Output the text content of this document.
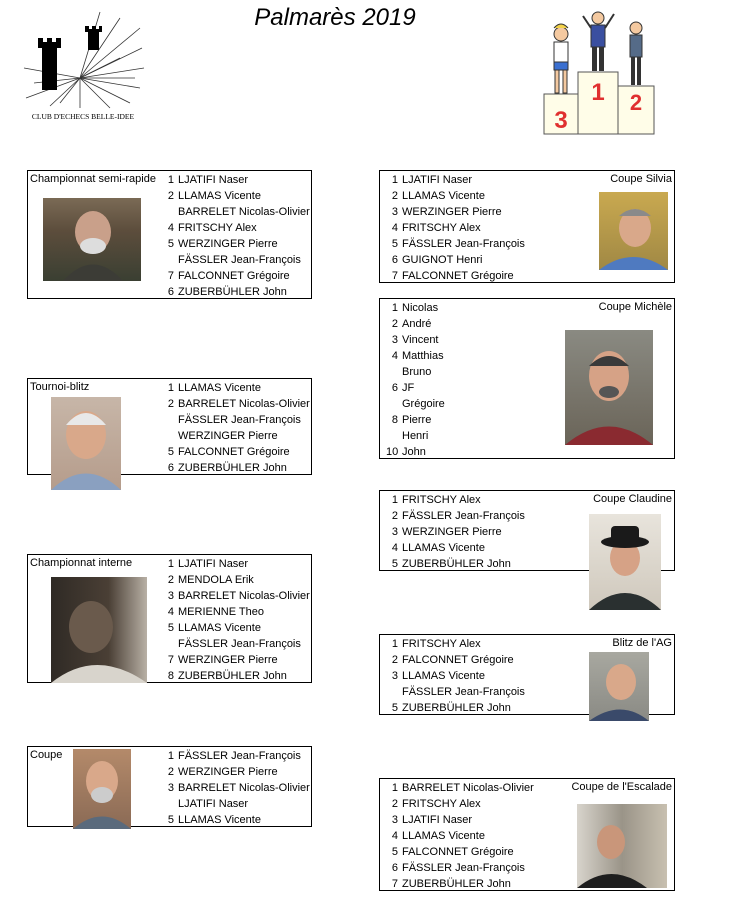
Palmarès 2019
CLUB D'ECHECS BELLE-IDEE
1 2
3
Championnat semi-rapide	1 LJATIFI Naser
2 LLAMAS Vicente
BARRELET Nicolas-Olivier
4 FRITSCHY Alex
5 WERZINGER Pierre
FÄSSLER Jean-François
7 FALCONNET Grégoire
6 ZUBERBÜHLER John
Tournoi-blitz	1 LLAMAS Vicente
2 BARRELET Nicolas-Olivier
FÄSSLER Jean-François
WERZINGER Pierre
5 FALCONNET Grégoire
6 ZUBERBÜHLER John
Championnat interne	1 LJATIFI Naser
2 MENDOLA Erik
3 BARRELET Nicolas-Olivier
4 MERIENNE Theo
5 LLAMAS Vicente
FÄSSLER Jean-François
7 WERZINGER Pierre
8 ZUBERBÜHLER John
Coupe	1 FÄSSLER Jean-François
2 WERZINGER Pierre
3 BARRELET Nicolas-Olivier
LJATIFI Naser
5 LLAMAS Vicente
Coupe Silvia
1 LJATIFI Naser
2 LLAMAS Vicente
3 WERZINGER Pierre
4 FRITSCHY Alex
5 FÄSSLER Jean-François
6 GUIGNOT Henri
7 FALCONNET Grégoire
Coupe Michèle
1 Nicolas
2 André
3 Vincent
4 Matthias
Bruno
6 JF
Grégoire
8 Pierre
Henri
10 John
Coupe Claudine
1 FRITSCHY Alex
2 FÄSSLER Jean-François
3 WERZINGER Pierre
4 LLAMAS Vicente
5 ZUBERBÜHLER John
Blitz de l'AG
1 FRITSCHY Alex
2 FALCONNET Grégoire
3 LLAMAS Vicente
FÄSSLER Jean-François
5 ZUBERBÜHLER John
Coupe de l'Escalade
1 BARRELET Nicolas-Olivier
2 FRITSCHY Alex
3 LJATIFI Naser
4 LLAMAS Vicente
5 FALCONNET Grégoire
6 FÄSSLER Jean-François
7 ZUBERBÜHLER John
